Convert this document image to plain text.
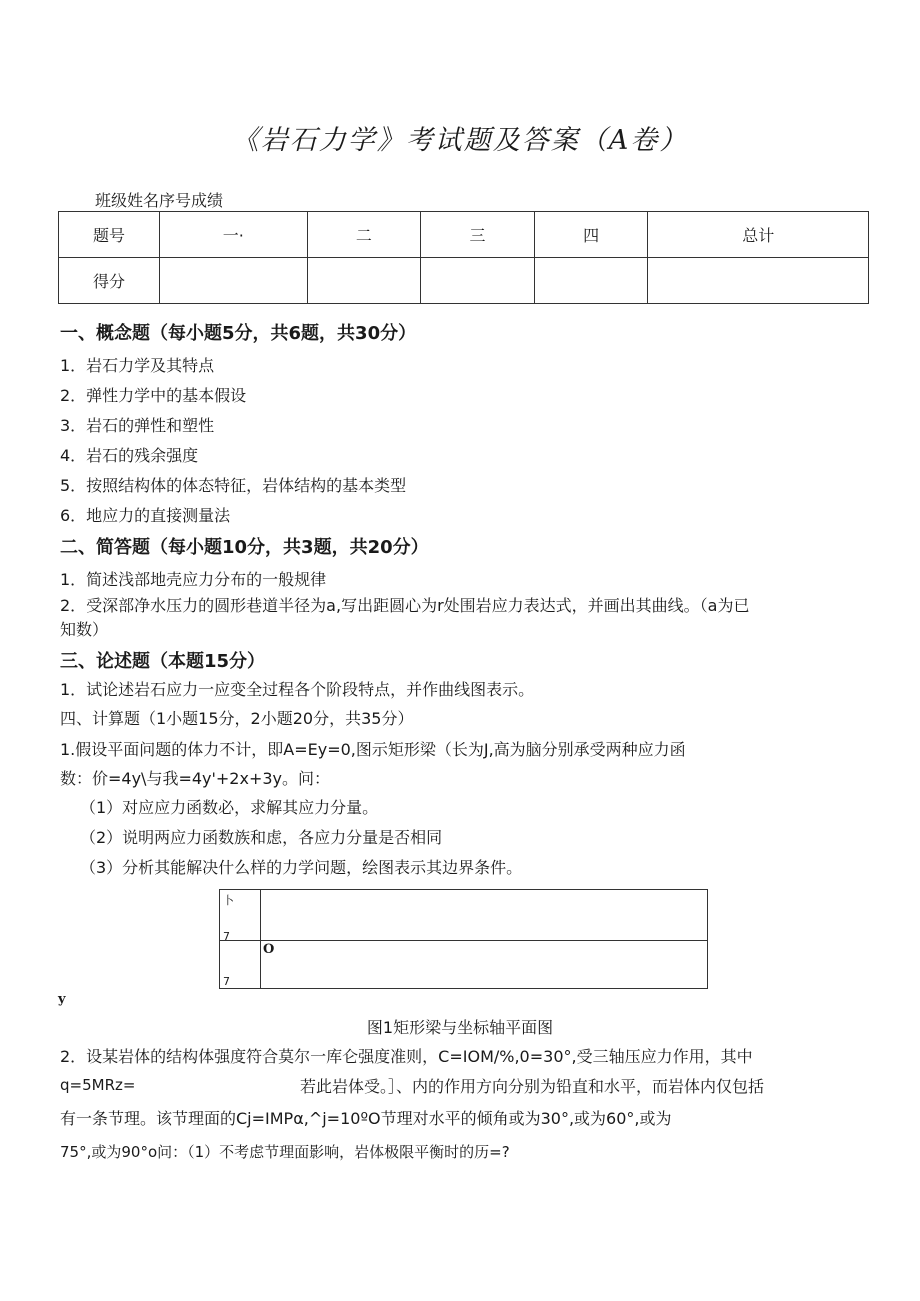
《岩石力学》考试题及答案（A卷）
班级姓名序号成绩
题号	一·	二	三	四	总计
得分					
一、概念题（每小题5分，共6题，共30分）
1．岩石力学及其特点
2．弹性力学中的基本假设
3．岩石的弹性和塑性
4．岩石的残余强度
5．按照结构体的体态特征，岩体结构的基本类型
6．地应力的直接测量法
二、简答题（每小题10分，共3题，共20分）
1．简述浅部地壳应力分布的一般规律
2．受深部净水压力的圆形巷道半径为a,写出距圆心为r处围岩应力表达式，并画出其曲线。（a为已
知数）
三、论述题（本题15分）
1．试论述岩石应力一应变全过程各个阶段特点，并作曲线图表示。
四、计算题（1小题15分，2小题20分，共35分）
1.假设平面问题的体力不计，即A=Ey=0,图示矩形梁（长为J,高为脑分别承受两种应力函
数：价=4y\与我=4y'+2x+3y。问：
（1）对应应力函数必，求解其应力分量。
（2）说明两应力函数族和虑，各应力分量是否相同
（3）分析其能解决什么样的力学问题，绘图表示其边界条件。
卜
7
7
O
y
图1矩形梁与坐标轴平面图
2．设某岩体的结构体强度符合莫尔一库仑强度准则，C=IOM/%,0=30°,受三轴压应力作用，其中
q=5MRz=	若此岩体受。］、内的作用方向分别为铅直和水平，而岩体内仅包括
有一条节理。该节理面的Cj=IMPα,^j=10ºO节理对水平的倾角或为30°,或为60°,或为
75°,或为90°o问：（1）不考虑节理面影响，岩体极限平衡时的历=?
